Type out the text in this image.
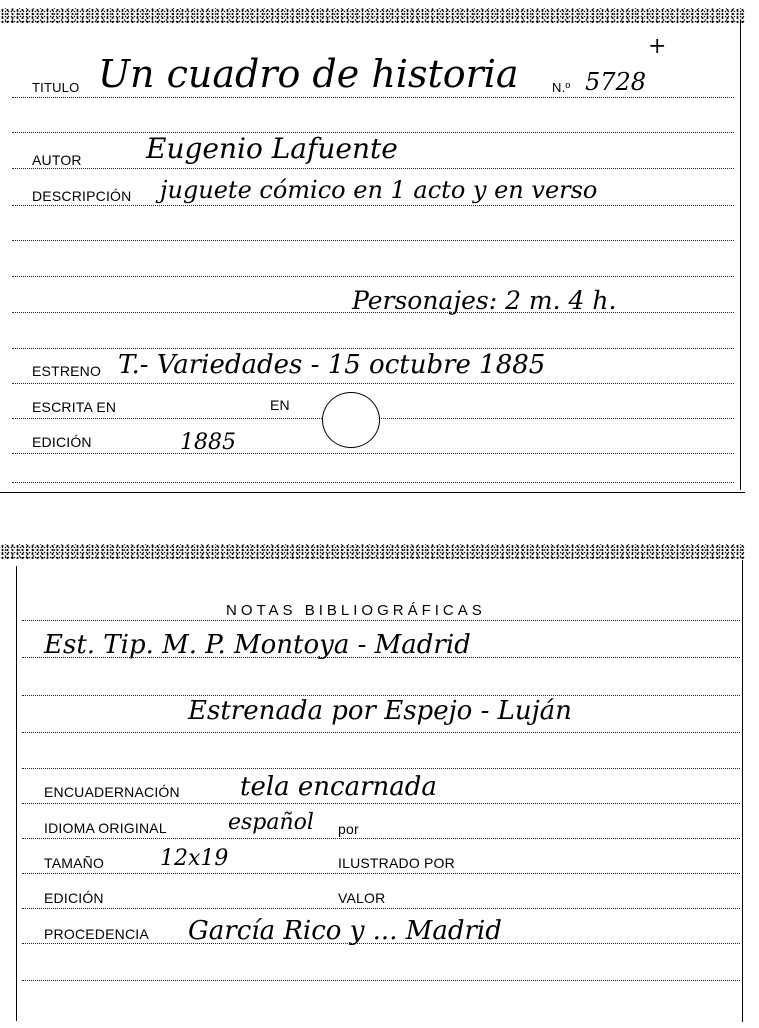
TITULO Un cuadro de historia	N.º 5728
+
AUTOR Eugenio Lafuente
DESCRIPCIÓN juguete cómico en 1 acto y en verso
Personajes: 2 m. 4 h.
ESTRENO T.- Variedades - 15 octubre 1885
ESCRITA EN	EN
EDICIÓN	1885
NOTAS BIBLIOGRÁFICAS
Est. Tip. M. P. Montoya - Madrid
Estrenada por Espejo - Luján
ENCUADERNACIÓN tela encarnada
IDIOMA ORIGINAL	español por
TAMAÑO	12x19	ILUSTRADO POR
EDICIÓN	VALOR
PROCEDENCIA García Rico y ... Madrid
